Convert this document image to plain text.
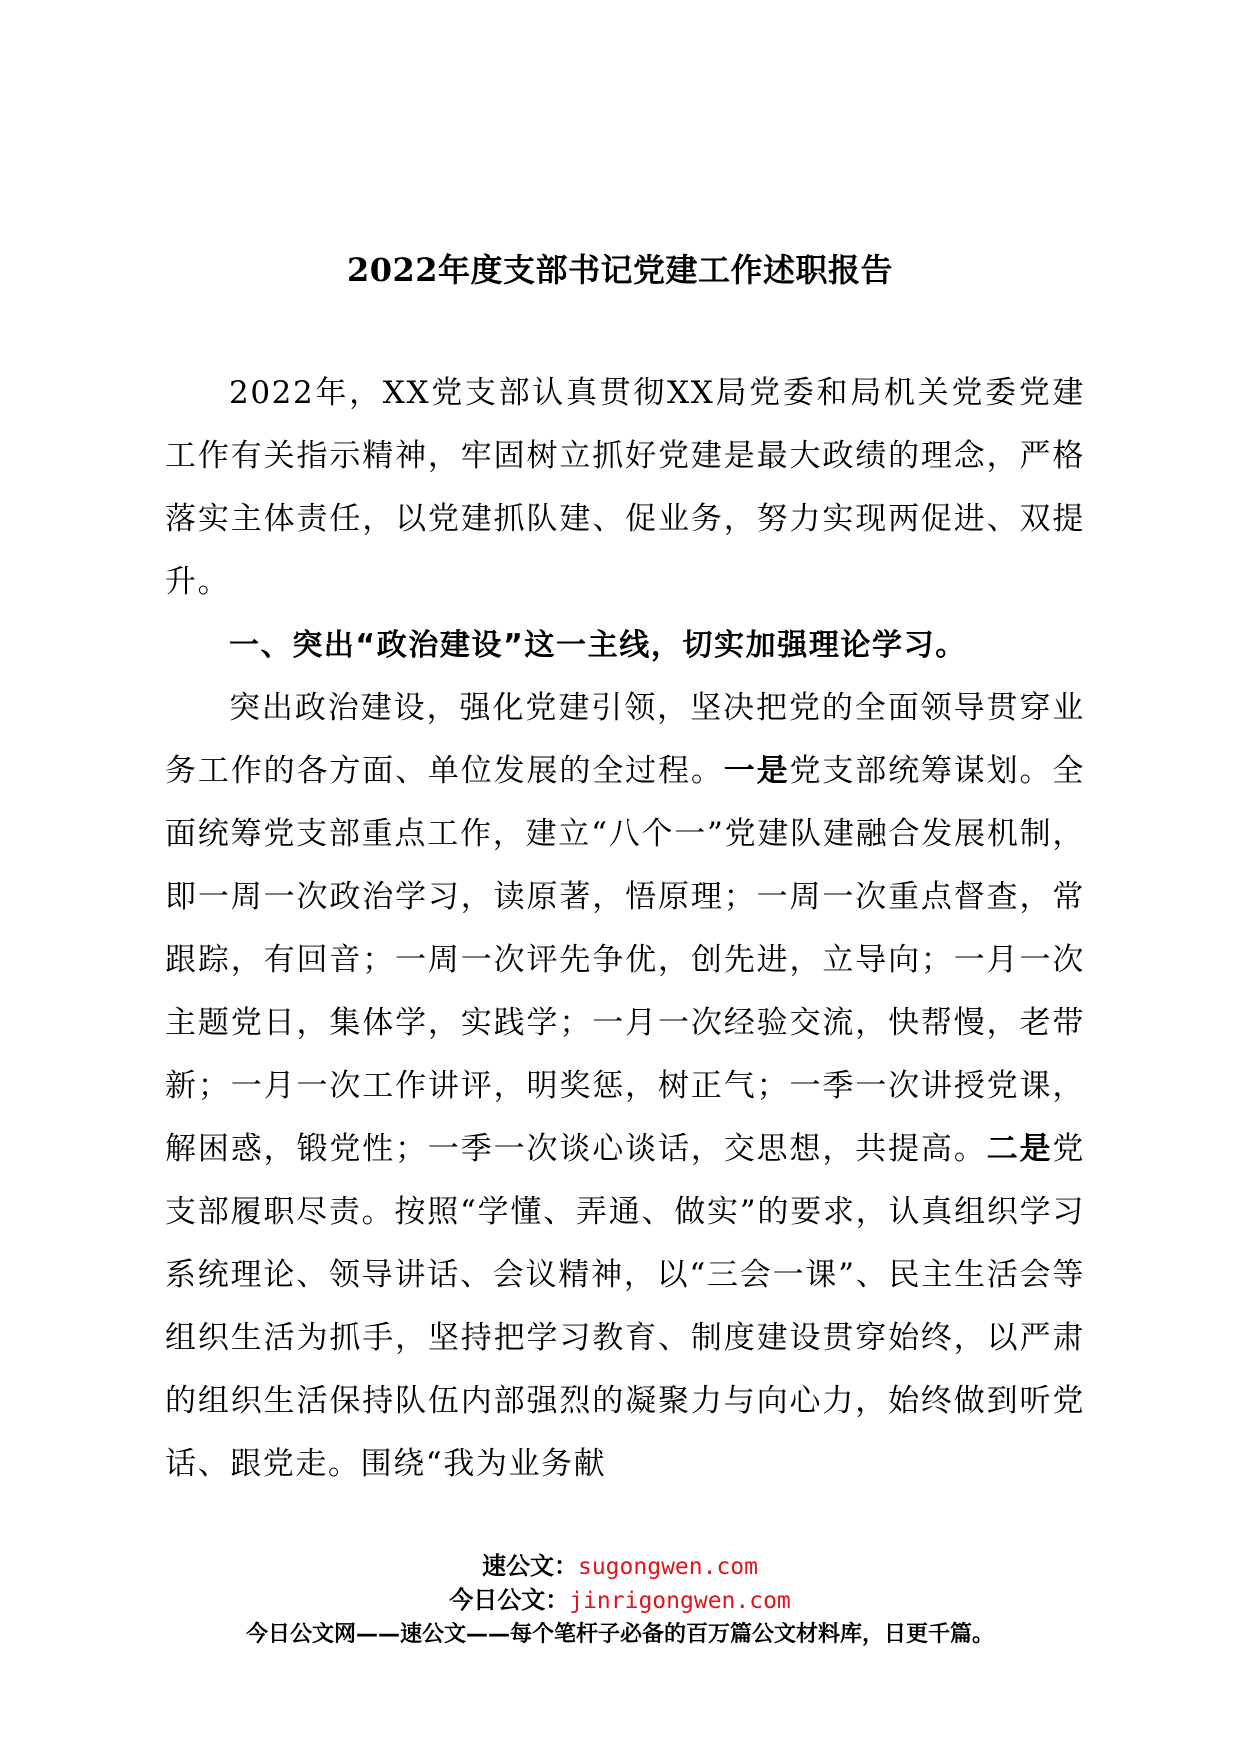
2022年度支部书记党建工作述职报告

2022年，XX党支部认真贯彻XX局党委和局机关党委党建工作有关指示精神，牢固树立抓好党建是最大政绩的理念，严格落实主体责任，以党建抓队建、促业务，努力实现两促进、双提升。

一、突出“政治建设”这一主线，切实加强理论学习。

突出政治建设，强化党建引领，坚决把党的全面领导贯穿业务工作的各方面、单位发展的全过程。一是党支部统筹谋划。全面统筹党支部重点工作，建立“八个一”党建队建融合发展机制，即一周一次政治学习，读原著，悟原理；一周一次重点督查，常跟踪，有回音；一周一次评先争优，创先进，立导向；一月一次主题党日，集体学，实践学；一月一次经验交流，快帮慢，老带新；一月一次工作讲评，明奖惩，树正气；一季一次讲授党课，解困惑，锻党性；一季一次谈心谈话，交思想，共提高。二是党支部履职尽责。按照“学懂、弄通、做实”的要求，认真组织学习系统理论、领导讲话、会议精神，以“三会一课”、民主生活会等组织生活为抓手，坚持把学习教育、制度建设贯穿始终，以严肃的组织生活保持队伍内部强烈的凝聚力与向心力，始终做到听党话、跟党走。围绕“我为业务献

速公文：sugongwen.com
今日公文：jinrigongwen.com
今日公文网——速公文——每个笔杆子必备的百万篇公文材料库，日更千篇。
